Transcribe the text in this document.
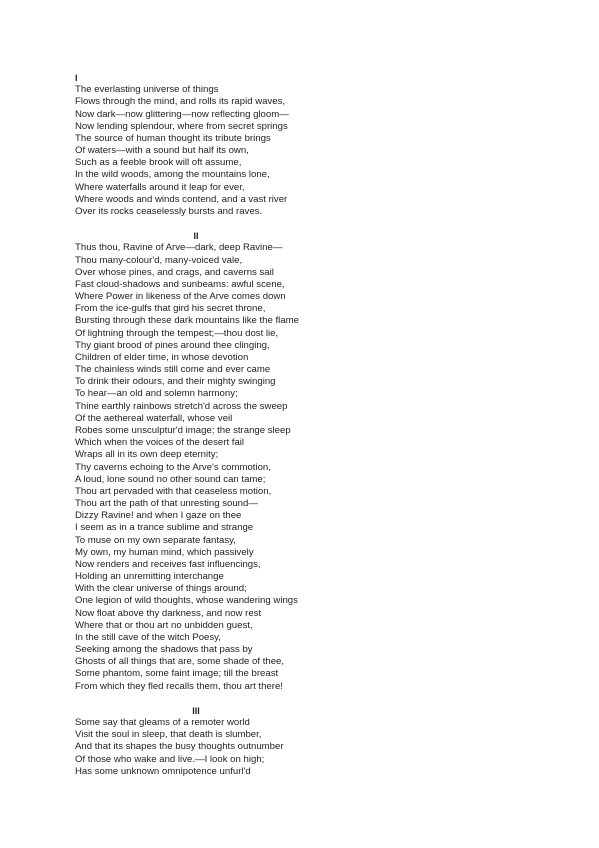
I
The everlasting universe of things
Flows through the mind, and rolls its rapid waves,
Now dark—now glittering—now reflecting gloom—
Now lending splendour, where from secret springs
The source of human thought its tribute brings
Of waters—with a sound but half its own,
Such as a feeble brook will oft assume,
In the wild woods, among the mountains lone,
Where waterfalls around it leap for ever,
Where woods and winds contend, and a vast river
Over its rocks ceaselessly bursts and raves.
II
Thus thou, Ravine of Arve—dark, deep Ravine—
Thou many-colour'd, many-voiced vale,
Over whose pines, and crags, and caverns sail
Fast cloud-shadows and sunbeams: awful scene,
Where Power in likeness of the Arve comes down
From the ice-gulfs that gird his secret throne,
Bursting through these dark mountains like the flame
Of lightning through the tempest;—thou dost lie,
Thy giant brood of pines around thee clinging,
Children of elder time, in whose devotion
The chainless winds still come and ever came
To drink their odours, and their mighty swinging
To hear—an old and solemn harmony;
Thine earthly rainbows stretch'd across the sweep
Of the aethereal waterfall, whose veil
Robes some unsculptur'd image; the strange sleep
Which when the voices of the desert fail
Wraps all in its own deep eternity;
Thy caverns echoing to the Arve's commotion,
A loud, lone sound no other sound can tame;
Thou art pervaded with that ceaseless motion,
Thou art the path of that unresting sound—
Dizzy Ravine! and when I gaze on thee
I seem as in a trance sublime and strange
To muse on my own separate fantasy,
My own, my human mind, which passively
Now renders and receives fast influencings,
Holding an unremitting interchange
With the clear universe of things around;
One legion of wild thoughts, whose wandering wings
Now float above thy darkness, and now rest
Where that or thou art no unbidden guest,
In the still cave of the witch Poesy,
Seeking among the shadows that pass by
Ghosts of all things that are, some shade of thee,
Some phantom, some faint image; till the breast
From which they fled recalls them, thou art there!
III
Some say that gleams of a remoter world
Visit the soul in sleep, that death is slumber,
And that its shapes the busy thoughts outnumber
Of those who wake and live.—I look on high;
Has some unknown omnipotence unfurl'd
